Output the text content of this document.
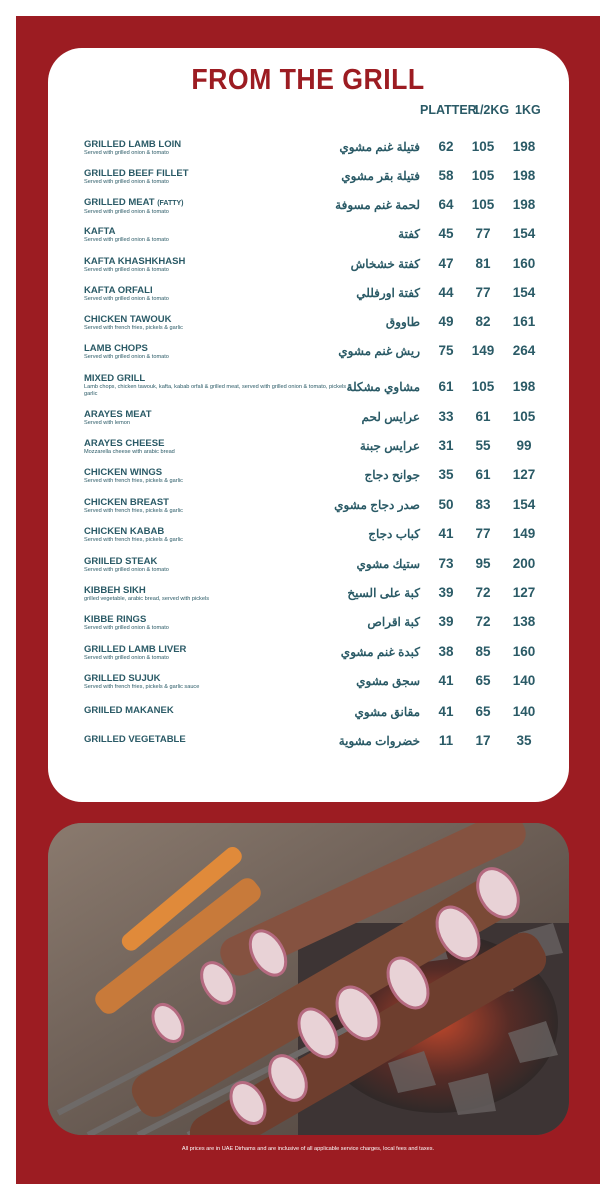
FROM THE GRILL
PLATTER
1/2KG 1KG
GRILLED LAMB LOIN
Served with grilled onion & tomato	فتيلة غنم مشوي	62	105	198
GRILLED BEEF FILLET
Served with grilled onion & tomato	فتيلة بقر مشوي	58	105	198
GRILLED MEAT (FATTY)
Served with grilled onion & tomato	لحمة غنم مسوفة	64	105	198
KAFTA
Served with grilled onion & tomato	كفتة	45	77	154
KAFTA KHASHKHASH
Served with grilled onion & tomato	كفتة خشخاش	47	81	160
KAFTA ORFALI
Served with grilled onion & tomato	كفتة اورفللي	44	77	154
CHICKEN TAWOUK
Served with french fries, pickels & garlic	طاووق	49	82	161
LAMB CHOPS
Served with grilled onion & tomato	ريش غنم مشوي	75	149	264
MIXED GRILL
Lamb chops, chicken tawouk, kafta, kabab orfali & grilled meat, served with grilled onion & tomato, pickels & garlic	مشاوي مشكلة	61	105	198
ARAYES MEAT
Served with lemon	عرايس لحم	33	61	105
ARAYES CHEESE
Mozzarella cheese with arabic bread	عرايس جبنة	31	55	99
CHICKEN WINGS
Served with french fries, pickels & garlic	جوانح دجاج	35	61	127
CHICKEN BREAST
Served with french fries, pickels & garlic	صدر دجاج مشوي	50	83	154
CHICKEN KABAB
Served with french fries, pickels & garlic	كباب دجاج	41	77	149
GRIILED STEAK
Served with grilled onion & tomato	ستيك مشوي	73	95	200
KIBBEH SIKH
grilled vegetable, arabic bread, served with pickels	كبة على السيخ	39	72	127
KIBBE RINGS
Served with grilled onion & tomato	كبة اقراص	39	72	138
GRILLED LAMB LIVER
Served with grilled onion & tomato	كبدة غنم مشوي	38	85	160
GRILLED SUJUK
Served with french fries, pickels & garlic sauce	سجق مشوي	41	65	140
GRIILED MAKANEK	مقانق مشوي	41	65	140
GRILLED VEGETABLE	خضروات مشوية	11	17	35
All prices are in UAE Dirhams and are inclusive of all applicable service charges, local fees and taxes.
